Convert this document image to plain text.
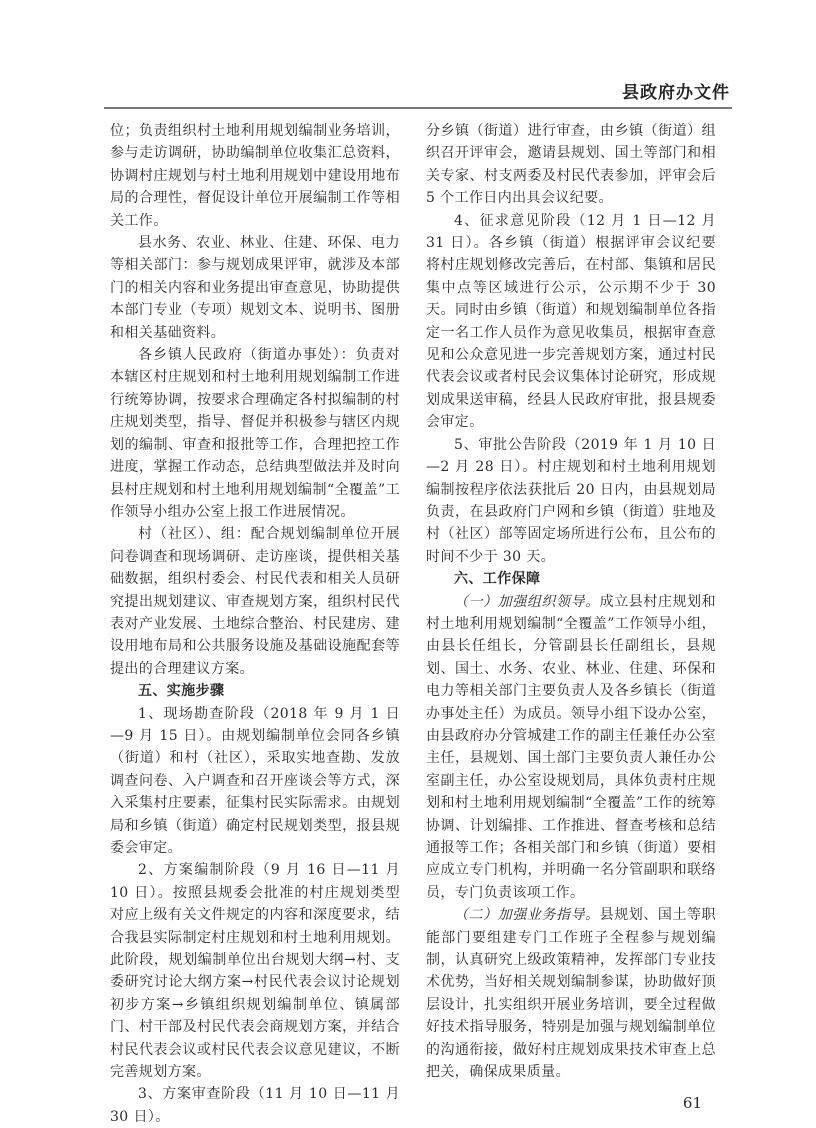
县政府办文件

位；负责组织村土地利用规划编制业务培训，参与走访调研，协助编制单位收集汇总资料，协调村庄规划与村土地利用规划中建设用地布局的合理性，督促设计单位开展编制工作等相关工作。

县水务、农业、林业、住建、环保、电力等相关部门：参与规划成果评审，就涉及本部门的相关内容和业务提出审查意见，协助提供本部门专业（专项）规划文本、说明书、图册和相关基础资料。

各乡镇人民政府（街道办事处）：负责对本辖区村庄规划和村土地利用规划编制工作进行统筹协调，按要求合理确定各村拟编制的村庄规划类型，指导、督促并积极参与辖区内规划的编制、审查和报批等工作，合理把控工作进度，掌握工作动态，总结典型做法并及时向县村庄规划和村土地利用规划编制“全覆盖”工作领导小组办公室上报工作进展情况。

村（社区）、组：配合规划编制单位开展问卷调查和现场调研、走访座谈，提供相关基础数据，组织村委会、村民代表和相关人员研究提出规划建议、审查规划方案，组织村民代表对产业发展、土地综合整治、村民建房、建设用地布局和公共服务设施及基础设施配套等提出的合理建议方案。

五、实施步骤

1、现场勘查阶段（2018 年 9 月 1 日—9 月 15 日）。由规划编制单位会同各乡镇（街道）和村（社区），采取实地查勘、发放调查问卷、入户调查和召开座谈会等方式，深入采集村庄要素，征集村民实际需求。由规划局和乡镇（街道）确定村民规划类型，报县规委会审定。

2、方案编制阶段（9 月 16 日—11 月 10 日）。按照县规委会批准的村庄规划类型对应上级有关文件规定的内容和深度要求，结合我县实际制定村庄规划和村土地利用规划。此阶段，规划编制单位出台规划大纲→村、支委研究讨论大纲方案→村民代表会议讨论规划初步方案→乡镇组织规划编制单位、镇属部门、村干部及村民代表会商规划方案，并结合村民代表会议或村民代表会议意见建议，不断完善规划方案。

3、方案审查阶段（11 月 10 日—11 月 30 日）。

分乡镇（街道）进行审查，由乡镇（街道）组织召开评审会，邀请县规划、国土等部门和相关专家、村支两委及村民代表参加，评审会后 5 个工作日内出具会议纪要。

4、征求意见阶段（12 月 1 日—12 月 31 日）。各乡镇（街道）根据评审会议纪要将村庄规划修改完善后，在村部、集镇和居民集中点等区域进行公示，公示期不少于 30 天。同时由乡镇（街道）和规划编制单位各指定一名工作人员作为意见收集员，根据审查意见和公众意见进一步完善规划方案，通过村民代表会议或者村民会议集体讨论研究，形成规划成果送审稿，经县人民政府审批，报县规委会审定。

5、审批公告阶段（2019 年 1 月 10 日—2 月 28 日）。村庄规划和村土地利用规划编制按程序依法获批后 20 日内，由县规划局负责，在县政府门户网和乡镇（街道）驻地及村（社区）部等固定场所进行公布，且公布的时间不少于 30 天。

六、工作保障

（一）加强组织领导。成立县村庄规划和村土地利用规划编制“全覆盖”工作领导小组，由县长任组长，分管副县长任副组长，县规划、国土、水务、农业、林业、住建、环保和电力等相关部门主要负责人及各乡镇长（街道办事处主任）为成员。领导小组下设办公室，由县政府办分管城建工作的副主任兼任办公室主任，县规划、国土部门主要负责人兼任办公室副主任，办公室设规划局，具体负责村庄规划和村土地利用规划编制“全覆盖”工作的统筹协调、计划编排、工作推进、督查考核和总结通报等工作；各相关部门和乡镇（街道）要相应成立专门机构，并明确一名分管副职和联络员，专门负责该项工作。

（二）加强业务指导。县规划、国土等职能部门要组建专门工作班子全程参与规划编制，认真研究上级政策精神，发挥部门专业技术优势，当好相关规划编制参谋，协助做好顶层设计，扎实组织开展业务培训，要全过程做好技术指导服务，特别是加强与规划编制单位的沟通衔接，做好村庄规划成果技术审查上总把关，确保成果质量。

61
